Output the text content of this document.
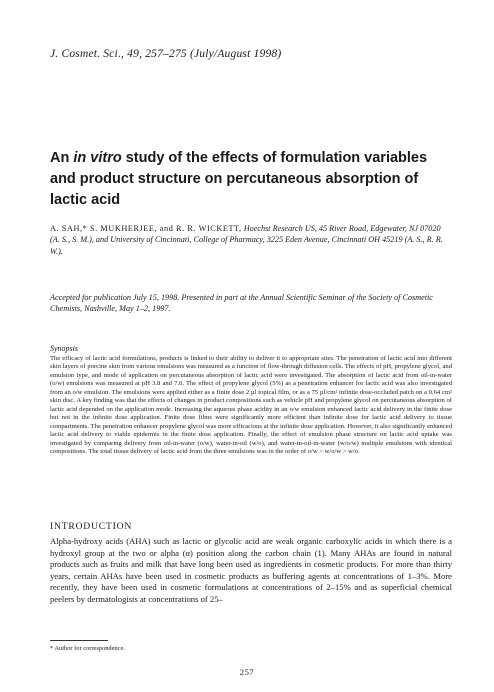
J. Cosmet. Sci., 49, 257–275 (July/August 1998)
An in vitro study of the effects of formulation variables and product structure on percutaneous absorption of lactic acid
A. SAH,* S. MUKHERJEE, and R. R. WICKETT, Hoechst Research US, 45 River Road, Edgewater, NJ 07020 (A. S., S. M.), and University of Cincinnati, College of Pharmacy, 3225 Eden Avenue, Cincinnati OH 45219 (A. S., R. R. W.).
Accepted for publication July 15, 1998. Presented in part at the Annual Scientific Seminar of the Society of Cosmetic Chemists, Nashville, May 1–2, 1997.
Synopsis
The efficacy of lactic acid formulations, products is linked to their ability to deliver it to appropriate sites. The penetration of lactic acid into different skin layers of porcine skin from various emulsions was measured as a function of flow-through diffusion cells. The effects of pH, propylene glycol, and emulsion type, and mode of application on percutaneous absorption of lactic acid were investigated. The absorption of lactic acid from oil-in-water (o/w) emulsions was measured at pH 3.8 and 7.0. The effect of propylene glycol (5%) as a penetration enhancer for lactic acid was also investigated from an o/w emulsion. The emulsions were applied either as a finite dose 2 µl topical film, or as a 75 µl/cm² infinite dose-occluded patch on a 0.64 cm² skin disc. A key finding was that the effects of changes in product compositions such as vehicle pH and propylene glycol on percutaneous absorption of lactic acid depended on the application mode. Increasing the aqueous phase acidity in an o/w emulsion enhanced lactic acid delivery in the finite dose but not in the infinite dose application. Finite dose films were significantly more efficient than infinite dose for lactic acid delivery to tissue compartments. The penetration enhancer propylene glycol was more efficacious at the infinite dose application. However, it also significantly enhanced lactic acid delivery to viable epidermis in the finite dose application. Finally, the effect of emulsion phase structure on lactic acid uptake was investigated by comparing delivery from oil-in-water (o/w), water-in-oil (w/o), and water-in-oil-in-water (w/o/w) multiple emulsions with identical compositions. The total tissue delivery of lactic acid from the three emulsions was in the order of o/w > w/o/w > w/o.
INTRODUCTION
Alpha-hydroxy acids (AHA) such as lactic or glycolic acid are weak organic carboxylic acids in which there is a hydroxyl group at the two or alpha (α) position along the carbon chain (1). Many AHAs are found in natural products such as fruits and milk that have long been used as ingredients in cosmetic products. For more than thirty years, certain AHAs have been used in cosmetic products as buffering agents at concentrations of 1–3%. More recently, they have been used in cosmetic formulations at concentrations of 2–15% and as superficial chemical peelers by dermatologists at concentrations of 25–
* Author for correspondence.
257
